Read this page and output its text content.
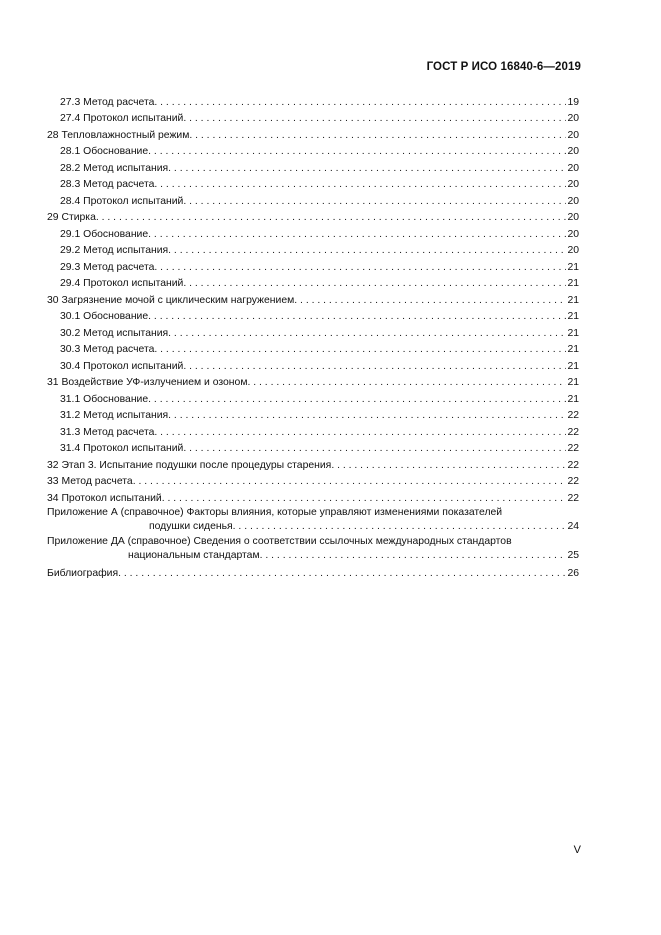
ГОСТ Р ИСО 16840-6—2019
27.3 Метод расчета . . .	19
27.4 Протокол испытаний . . .	20
28 Тепловлажностный режим . . .	20
28.1 Обоснование . . .	20
28.2 Метод испытания . . .	20
28.3 Метод расчета . . .	20
28.4 Протокол испытаний . . .	20
29 Стирка . . .	20
29.1 Обоснование . . .	20
29.2 Метод испытания . . .	20
29.3 Метод расчета . . .	21
29.4 Протокол испытаний . . .	21
30 Загрязнение мочой с циклическим нагружением . . .	21
30.1 Обоснование . . .	21
30.2 Метод испытания . . .	21
30.3 Метод расчета . . .	21
30.4 Протокол испытаний . . .	21
31 Воздействие УФ-излучением и озоном . . .	21
31.1 Обоснование . . .	21
31.2 Метод испытания . . .	22
31.3 Метод расчета . . .	22
31.4 Протокол испытаний . . .	22
32 Этап 3. Испытание подушки после процедуры старения . . .	22
33 Метод расчета . . .	22
34 Протокол испытаний . . .	22
Приложение А (справочное) Факторы влияния, которые управляют изменениями показателей
подушки сиденья . . .	24
Приложение ДА (справочное) Сведения о соответствии ссылочных международных стандартов
национальным стандартам . . .	25
Библиография . . .	26
V
